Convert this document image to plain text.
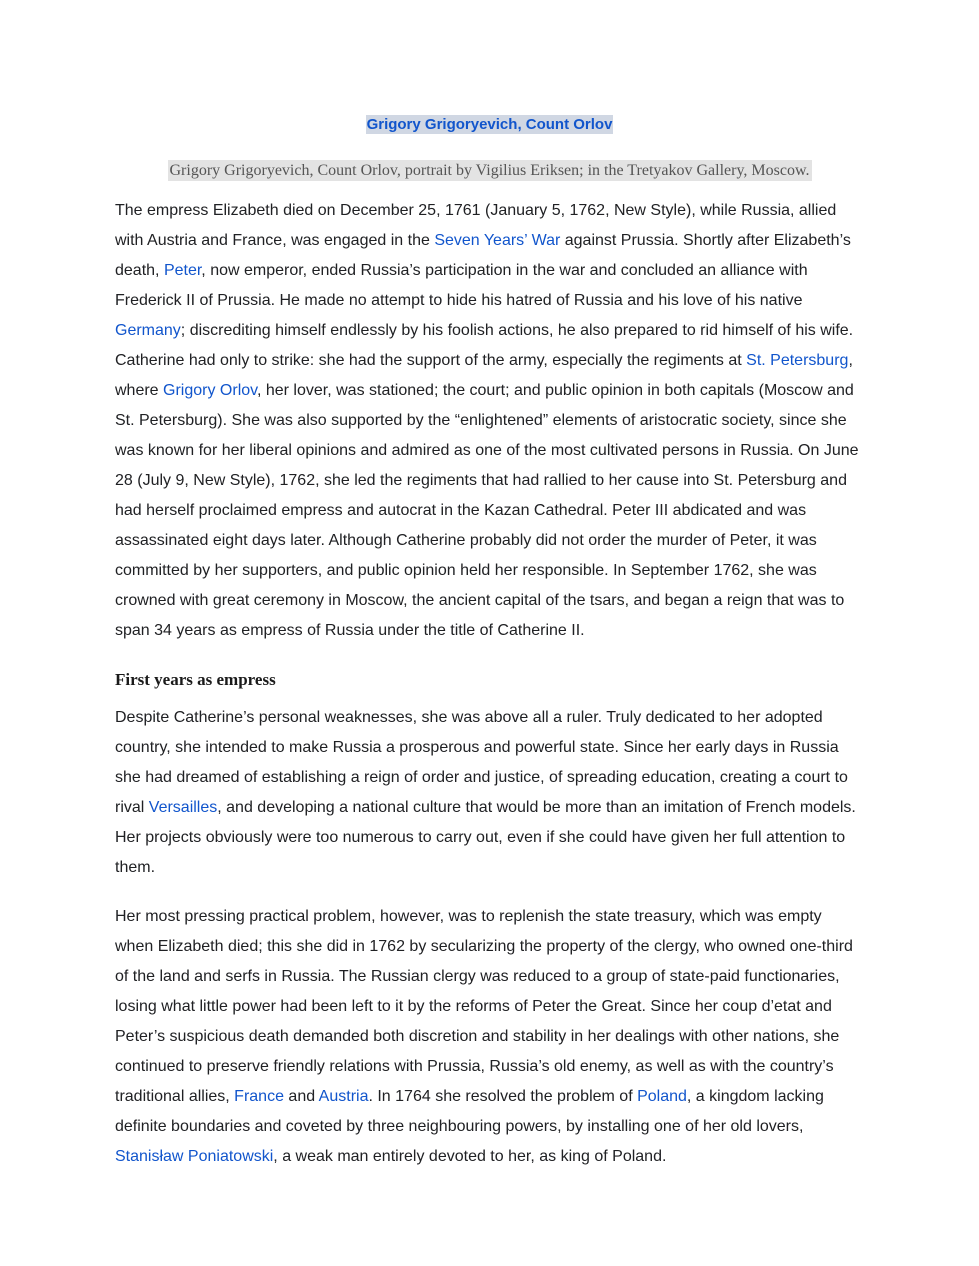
Grigory Grigoryevich, Count Orlov
Grigory Grigoryevich, Count Orlov, portrait by Vigilius Eriksen; in the Tretyakov Gallery, Moscow.

The empress Elizabeth died on December 25, 1761 (January 5, 1762, New Style), while Russia, allied with Austria and France, was engaged in the Seven Years’ War against Prussia. Shortly after Elizabeth’s death, Peter, now emperor, ended Russia’s participation in the war and concluded an alliance with Frederick II of Prussia. He made no attempt to hide his hatred of Russia and his love of his native Germany; discrediting himself endlessly by his foolish actions, he also prepared to rid himself of his wife. Catherine had only to strike: she had the support of the army, especially the regiments at St. Petersburg, where Grigory Orlov, her lover, was stationed; the court; and public opinion in both capitals (Moscow and St. Petersburg). She was also supported by the “enlightened” elements of aristocratic society, since she was known for her liberal opinions and admired as one of the most cultivated persons in Russia. On June 28 (July 9, New Style), 1762, she led the regiments that had rallied to her cause into St. Petersburg and had herself proclaimed empress and autocrat in the Kazan Cathedral. Peter III abdicated and was assassinated eight days later. Although Catherine probably did not order the murder of Peter, it was committed by her supporters, and public opinion held her responsible. In September 1762, she was crowned with great ceremony in Moscow, the ancient capital of the tsars, and began a reign that was to span 34 years as empress of Russia under the title of Catherine II.

First years as empress

Despite Catherine’s personal weaknesses, she was above all a ruler. Truly dedicated to her adopted country, she intended to make Russia a prosperous and powerful state. Since her early days in Russia she had dreamed of establishing a reign of order and justice, of spreading education, creating a court to rival Versailles, and developing a national culture that would be more than an imitation of French models. Her projects obviously were too numerous to carry out, even if she could have given her full attention to them.

Her most pressing practical problem, however, was to replenish the state treasury, which was empty when Elizabeth died; this she did in 1762 by secularizing the property of the clergy, who owned one-third of the land and serfs in Russia. The Russian clergy was reduced to a group of state-paid functionaries, losing what little power had been left to it by the reforms of Peter the Great. Since her coup d’etat and Peter’s suspicious death demanded both discretion and stability in her dealings with other nations, she continued to preserve friendly relations with Prussia, Russia’s old enemy, as well as with the country’s traditional allies, France and Austria. In 1764 she resolved the problem of Poland, a kingdom lacking definite boundaries and coveted by three neighbouring powers, by installing one of her old lovers, Stanisław Poniatowski, a weak man entirely devoted to her, as king of Poland.
